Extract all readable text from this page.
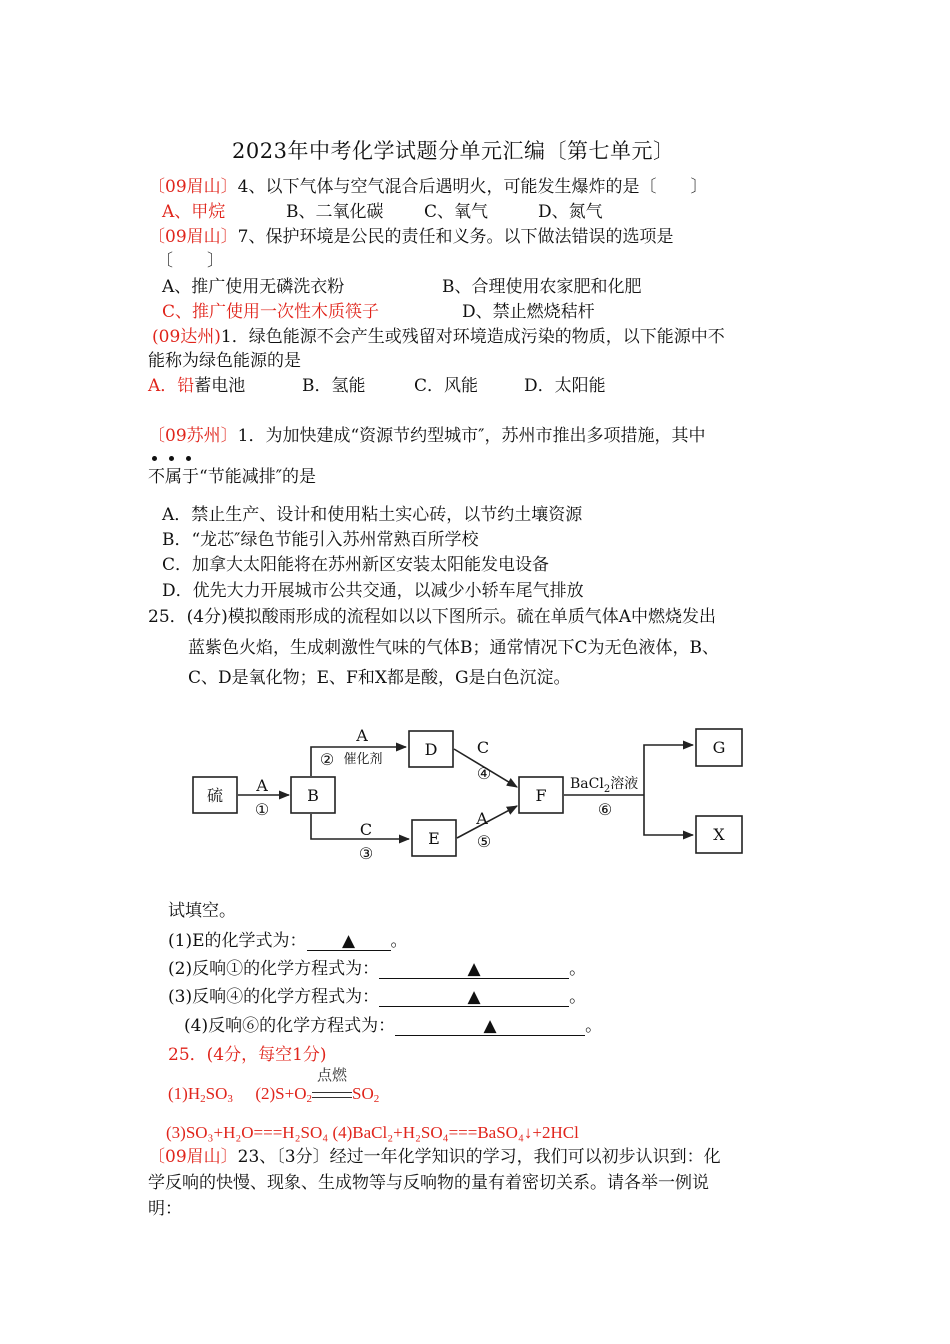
2023年中考化学试题分单元汇编〔第七单元〕
〔09眉山〕4、以下气体与空气混合后遇明火，可能发生爆炸的是〔　　〕
A、甲烷	B、二氧化碳 C、氧气	D、氮气
〔09眉山〕7、保护环境是公民的责任和义务。以下做法错误的选项是
〔　　〕
A、推广使用无磷洗衣粉	B、合理使用农家肥和化肥
C、推广使用一次性木质筷子	D、禁止燃烧秸杆
(09达州)1．绿色能源不会产生或残留对环境造成污染的物质，以下能源中不
能称为绿色能源的是
A．铅蓄电池	B．氢能	C．风能	D．太阳能
〔09苏州〕1．为加快建成“资源节约型城市″，苏州市推出多项措施，其中
不属于“节能减排″的是
A．禁止生产、设计和使用粘土实心砖，以节约土壤资源
B．“龙芯″绿色节能引入苏州常熟百所学校
C．加拿大太阳能将在苏州新区安装太阳能发电设备
D．优先大力开展城市公共交通，以减少小轿车尾气排放
25．(4分)模拟酸雨形成的流程如以以下图所示。硫在单质气体A中燃烧发出
蓝紫色火焰，生成刺激性气味的气体B；通常情况下C为无色液体，B、
C、D是氧化物；E、F和X都是酸，G是白色沉淀。
硫	B
D
E
F
G
X
A
①
A
② 催化剂
C
③
C
④
A
⑤
⑥
BaCl$_2$溶液
试填空。
(1)E的化学式为： ▲ 。
(2)反响①的化学方程式为：	▲	。
(3)反响④的化学方程式为：	▲	。
(4)反响⑥的化学方程式为：	▲	。
25．(4分，每空1分)
$(1)H_2SO_3$ $(2)S+O_2$
点燃
$SO_2$
(3)SO₃+H₂O===H₂SO₄ (4)BaCl₂+H₂SO₄===BaSO₄↓+2HCl
〔09眉山〕23、〔3分〕经过一年化学知识的学习，我们可以初步认识到：化
学反响的快慢、现象、生成物等与反响物的量有着密切关系。请各举一例说
明：
